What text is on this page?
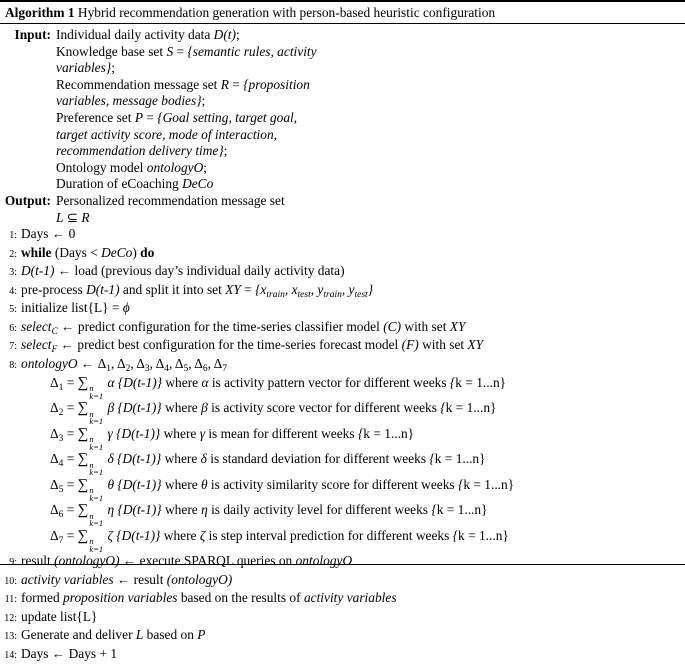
Algorithm 1 Hybrid recommendation generation with person-based heuristic configuration
Input: Individual daily activity data D(t);
Knowledge base set S = {semantic rules, activity
variables};
Recommendation message set R = {proposition
variables, message bodies};
Preference set P = {Goal setting, target goal,
target activity score, mode of interaction,
recommendation delivery time};
Ontology model ontologyO;
Duration of eCoaching DeCo
Output: Personalized recommendation message set
L ⊆ R
1: Days ← 0
2: while (Days < DeCo) do
3: D(t-1) ← load (previous day’s individual daily activity data)
4: pre-process D(t-1) and split it into set XY = {$x_{train}$, $x_{test}$, $y_{train}$, $y_{test}$}
5: initialize list{L} = ϕ
6: select$_C$ ← predict configuration for the time-series classifier model (C) with set XY
7: select$_F$ ← predict best configuration for the time-series forecast model (F) with set XY
8: ontologyO ← $\Delta_1$, $\Delta_2$, $\Delta_3$, $\Delta_4$, $\Delta_5$, $\Delta_6$, $\Delta_7$
$\Delta_1$ = ∑ n
k=1
α {D(t-1)} where α is activity pattern vector for different weeks {k = 1...n}
$\Delta_2$ = ∑ n
k=1
β {D(t-1)} where β is activity score vector for different weeks {k = 1...n}
$\Delta_3$ = ∑ n
k=1
γ {D(t-1)} where γ is mean for different weeks {k = 1...n}
$\Delta_4$ = ∑ n
k=1
δ {D(t-1)} where δ is standard deviation for different weeks {k = 1...n}
$\Delta_5$ = ∑ n
k=1
θ {D(t-1)} where θ is activity similarity score for different weeks {k = 1...n}
$\Delta_6$ = ∑ n
k=1
η {D(t-1)} where η is daily activity level for different weeks {k = 1...n}
$\Delta_7$ = ∑ n
k=1
ζ {D(t-1)} where ζ is step interval prediction for different weeks {k = 1...n}
9: result (ontologyO) ← execute SPARQL queries on ontologyO
10: activity variables ← result (ontologyO)
11: formed proposition variables based on the results of activity variables
12: update list{L}
13: Generate and deliver L based on P
14: Days ← Days + 1
